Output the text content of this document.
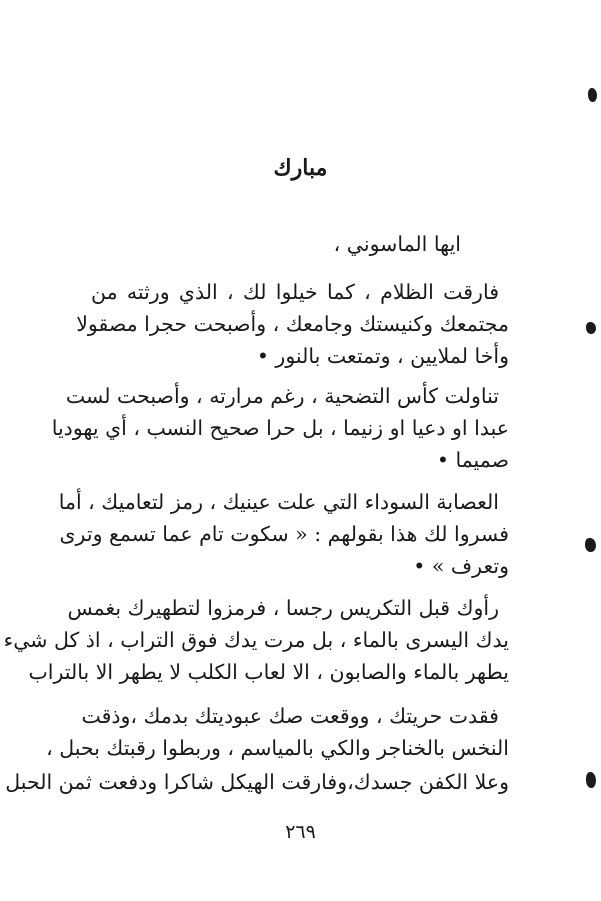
مبارك
ايها الماسوني ،
فارقت الظلام ، كما خيلوا لك ، الذي ورثته من
مجتمعك وكنيستك وجامعك ، وأصبحت حجرا مصقولا
وأخا لملايين ، وتمتعت بالنور •
تناولت كأس التضحية ، رغم مرارته ، وأصبحت لست
عبدا او دعيا او زنيما ، بل حرا صحيح النسب ، أي يهوديا
صميما •
العصابة السوداء التي علت عينيك ، رمز لتعاميك ، أما
فسروا لك هذا بقولهم : « سكوت تام عما تسمع وترى
وتعرف » •
رأوك قبل التكريس رجسا ، فرمزوا لتطهيرك بغمس
يدك اليسرى بالماء ، بل مرت يدك فوق التراب ، اذ كل شيء
يطهر بالماء والصابون ، الا لعاب الكلب لا يطهر الا بالتراب
فقدت حريتك ، ووقعت صك عبوديتك بدمك ،وذقت
النخس بالخناجر والكي بالمياسم ، وربطوا رقبتك بحبل ،
وعلا الكفن جسدك،وفارقت الهيكل شاكرا ودفعت ثمن الحبل
٢٦٩
